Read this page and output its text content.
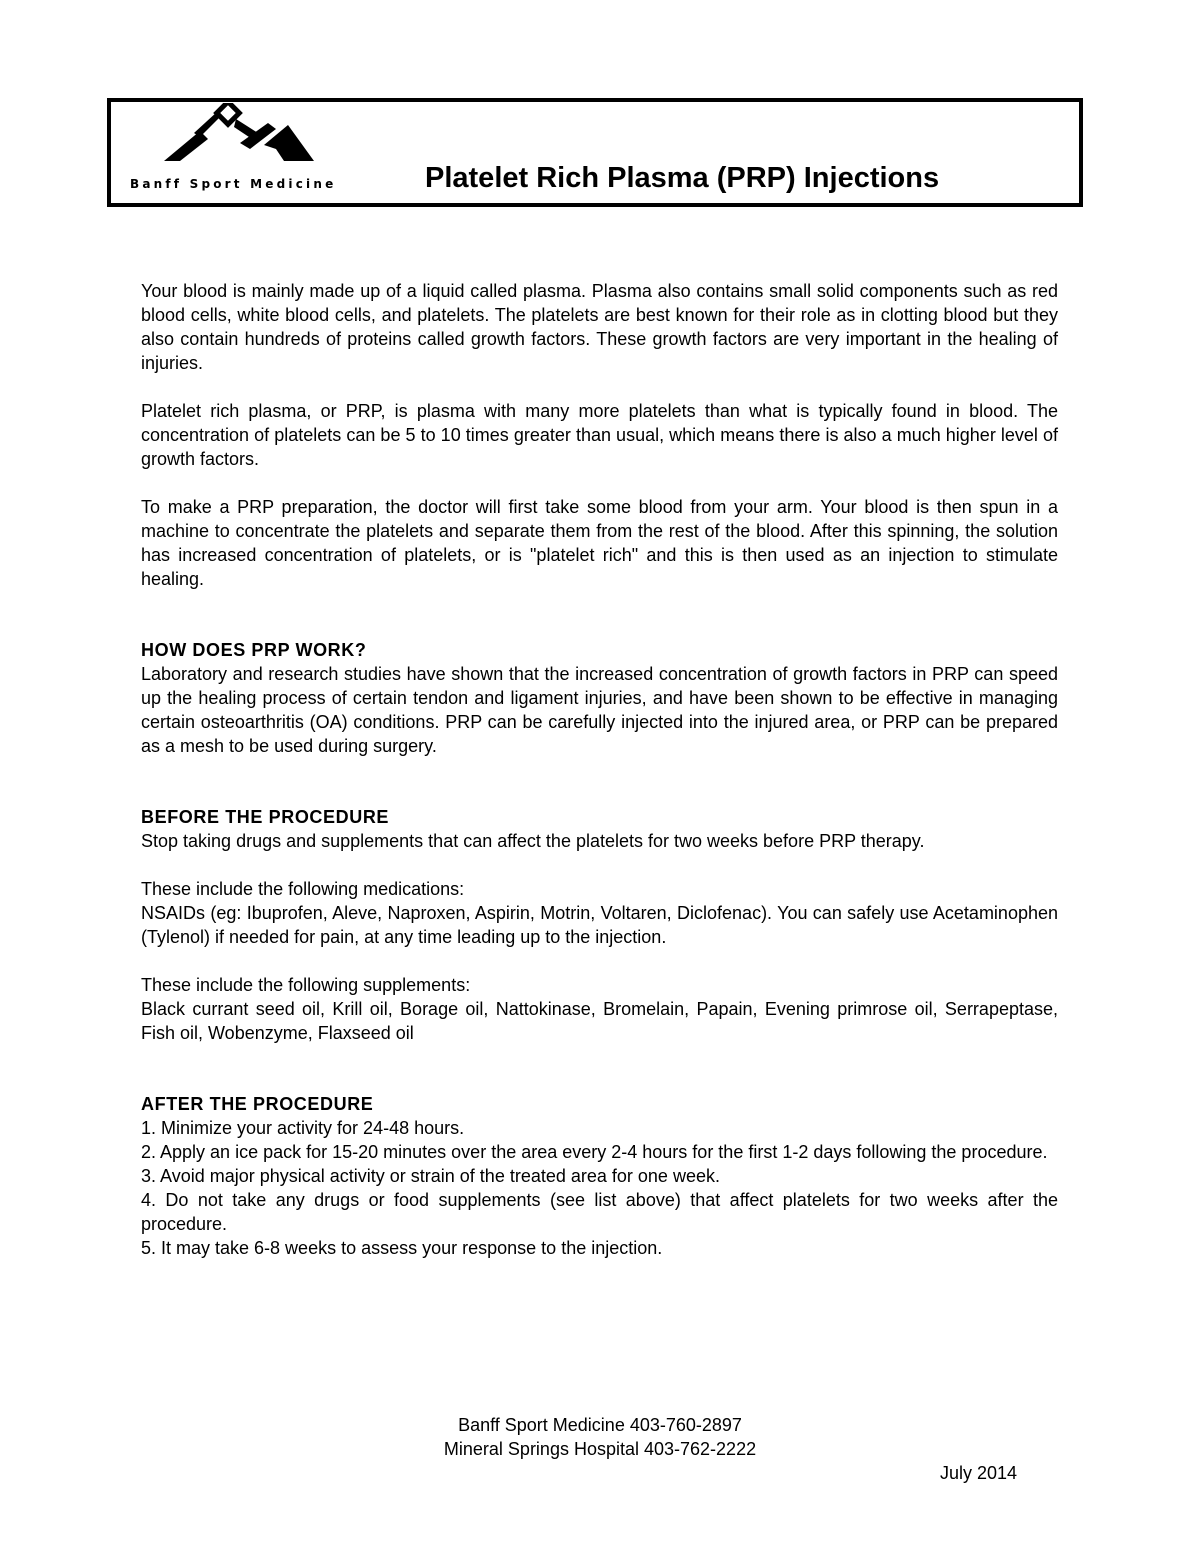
Banff Sport Medicine	Platelet Rich Plasma (PRP) Injections

Your blood is mainly made up of a liquid called plasma. Plasma also contains small solid components such as red blood cells, white blood cells, and platelets. The platelets are best known for their role as in clotting blood but they also contain hundreds of proteins called growth factors. These growth factors are very important in the healing of injuries.

Platelet rich plasma, or PRP, is plasma with many more platelets than what is typically found in blood. The concentration of platelets can be 5 to 10 times greater than usual, which means there is also a much higher level of growth factors.

To make a PRP preparation, the doctor will first take some blood from your arm. Your blood is then spun in a machine to concentrate the platelets and separate them from the rest of the blood. After this spinning, the solution has increased concentration of platelets, or is "platelet rich" and this is then used as an injection to stimulate healing.

HOW DOES PRP WORK?

Laboratory and research studies have shown that the increased concentration of growth factors in PRP can speed up the healing process of certain tendon and ligament injuries, and have been shown to be effective in managing certain osteoarthritis (OA) conditions. PRP can be carefully injected into the injured area, or PRP can be prepared as a mesh to be used during surgery.

BEFORE THE PROCEDURE

Stop taking drugs and supplements that can affect the platelets for two weeks before PRP therapy.

These include the following medications:

NSAIDs (eg: Ibuprofen, Aleve, Naproxen, Aspirin, Motrin, Voltaren, Diclofenac). You can safely use Acetaminophen (Tylenol) if needed for pain, at any time leading up to the injection.

These include the following supplements:

Black currant seed oil, Krill oil, Borage oil, Nattokinase, Bromelain, Papain, Evening primrose oil, Serrapeptase, Fish oil, Wobenzyme, Flaxseed oil

AFTER THE PROCEDURE

1. Minimize your activity for 24-48 hours.

2. Apply an ice pack for 15-20 minutes over the area every 2-4 hours for the first 1-2 days following the procedure.

3. Avoid major physical activity or strain of the treated area for one week.

4. Do not take any drugs or food supplements (see list above) that affect platelets for two weeks after the procedure.

5. It may take 6-8 weeks to assess your response to the injection.

Banff Sport Medicine 403-760-2897
Mineral Springs Hospital 403-762-2222
July 2014
